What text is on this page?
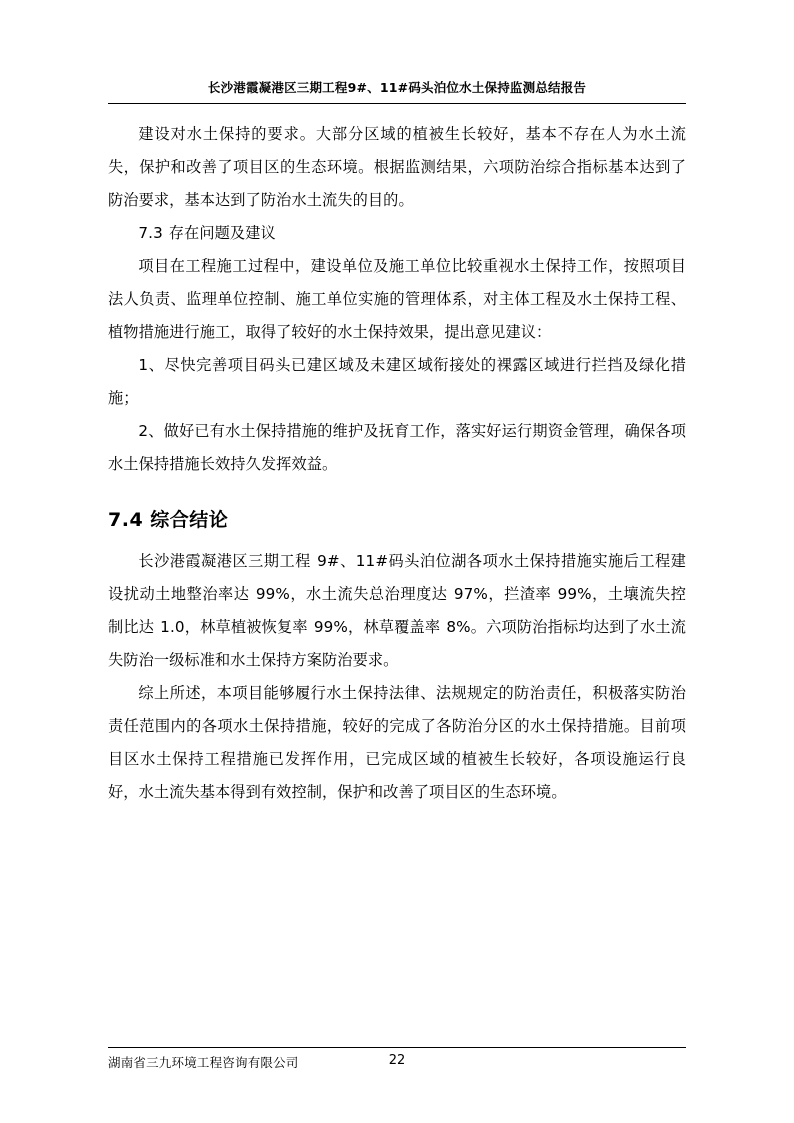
长沙港霞凝港区三期工程9#、11#码头泊位水土保持监测总结报告

建设对水土保持的要求。大部分区域的植被生长较好，基本不存在人为水土流失，保护和改善了项目区的生态环境。根据监测结果，六项防治综合指标基本达到了防治要求，基本达到了防治水土流失的目的。

7.3 存在问题及建议

项目在工程施工过程中，建设单位及施工单位比较重视水土保持工作，按照项目法人负责、监理单位控制、施工单位实施的管理体系，对主体工程及水土保持工程、植物措施进行施工，取得了较好的水土保持效果，提出意见建议：

1、尽快完善项目码头已建区域及未建区域衔接处的裸露区域进行拦挡及绿化措施；

2、做好已有水土保持措施的维护及抚育工作，落实好运行期资金管理，确保各项水土保持措施长效持久发挥效益。

7.4 综合结论

长沙港霞凝港区三期工程 9#、11#码头泊位湖各项水土保持措施实施后工程建设扰动土地整治率达 99%，水土流失总治理度达 97%，拦渣率 99%，土壤流失控制比达 1.0，林草植被恢复率 99%，林草覆盖率 8%。六项防治指标均达到了水土流失防治一级标准和水土保持方案防治要求。

综上所述，本项目能够履行水土保持法律、法规规定的防治责任，积极落实防治责任范围内的各项水土保持措施，较好的完成了各防治分区的水土保持措施。目前项目区水土保持工程措施已发挥作用，已完成区域的植被生长较好，各项设施运行良好，水土流失基本得到有效控制，保护和改善了项目区的生态环境。

湖南省三九环境工程咨询有限公司	22
